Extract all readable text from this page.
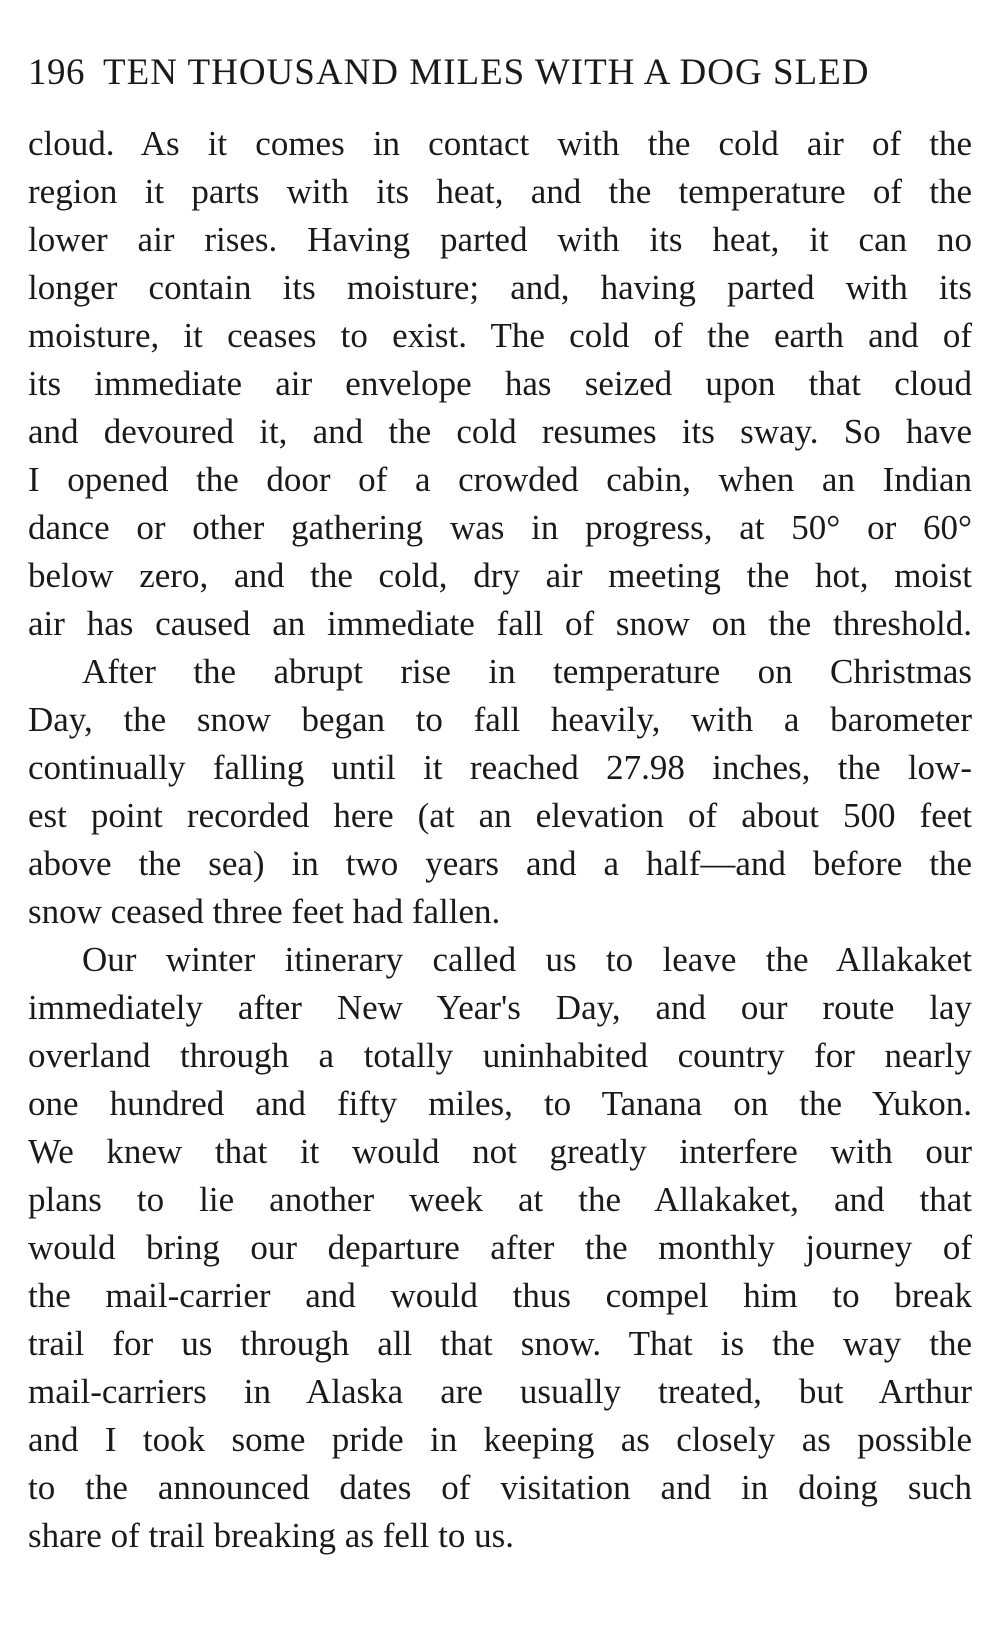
196 TEN THOUSAND MILES WITH A DOG SLED
cloud. As it comes in contact with the cold air of the
region it parts with its heat, and the temperature of the
lower air rises. Having parted with its heat, it can no
longer contain its moisture; and, having parted with its
moisture, it ceases to exist. The cold of the earth and of
its immediate air envelope has seized upon that cloud
and devoured it, and the cold resumes its sway. So have
I opened the door of a crowded cabin, when an Indian
dance or other gathering was in progress, at 50° or 60°
below zero, and the cold, dry air meeting the hot, moist
air has caused an immediate fall of snow on the threshold.
After the abrupt rise in temperature on Christmas
Day, the snow began to fall heavily, with a barometer
continually falling until it reached 27.98 inches, the low-
est point recorded here (at an elevation of about 500 feet
above the sea) in two years and a half—and before the
snow ceased three feet had fallen.
Our winter itinerary called us to leave the Allakaket
immediately after New Year's Day, and our route lay
overland through a totally uninhabited country for nearly
one hundred and fifty miles, to Tanana on the Yukon.
We knew that it would not greatly interfere with our
plans to lie another week at the Allakaket, and that
would bring our departure after the monthly journey of
the mail-carrier and would thus compel him to break
trail for us through all that snow. That is the way the
mail-carriers in Alaska are usually treated, but Arthur
and I took some pride in keeping as closely as possible
to the announced dates of visitation and in doing such
share of trail breaking as fell to us.
